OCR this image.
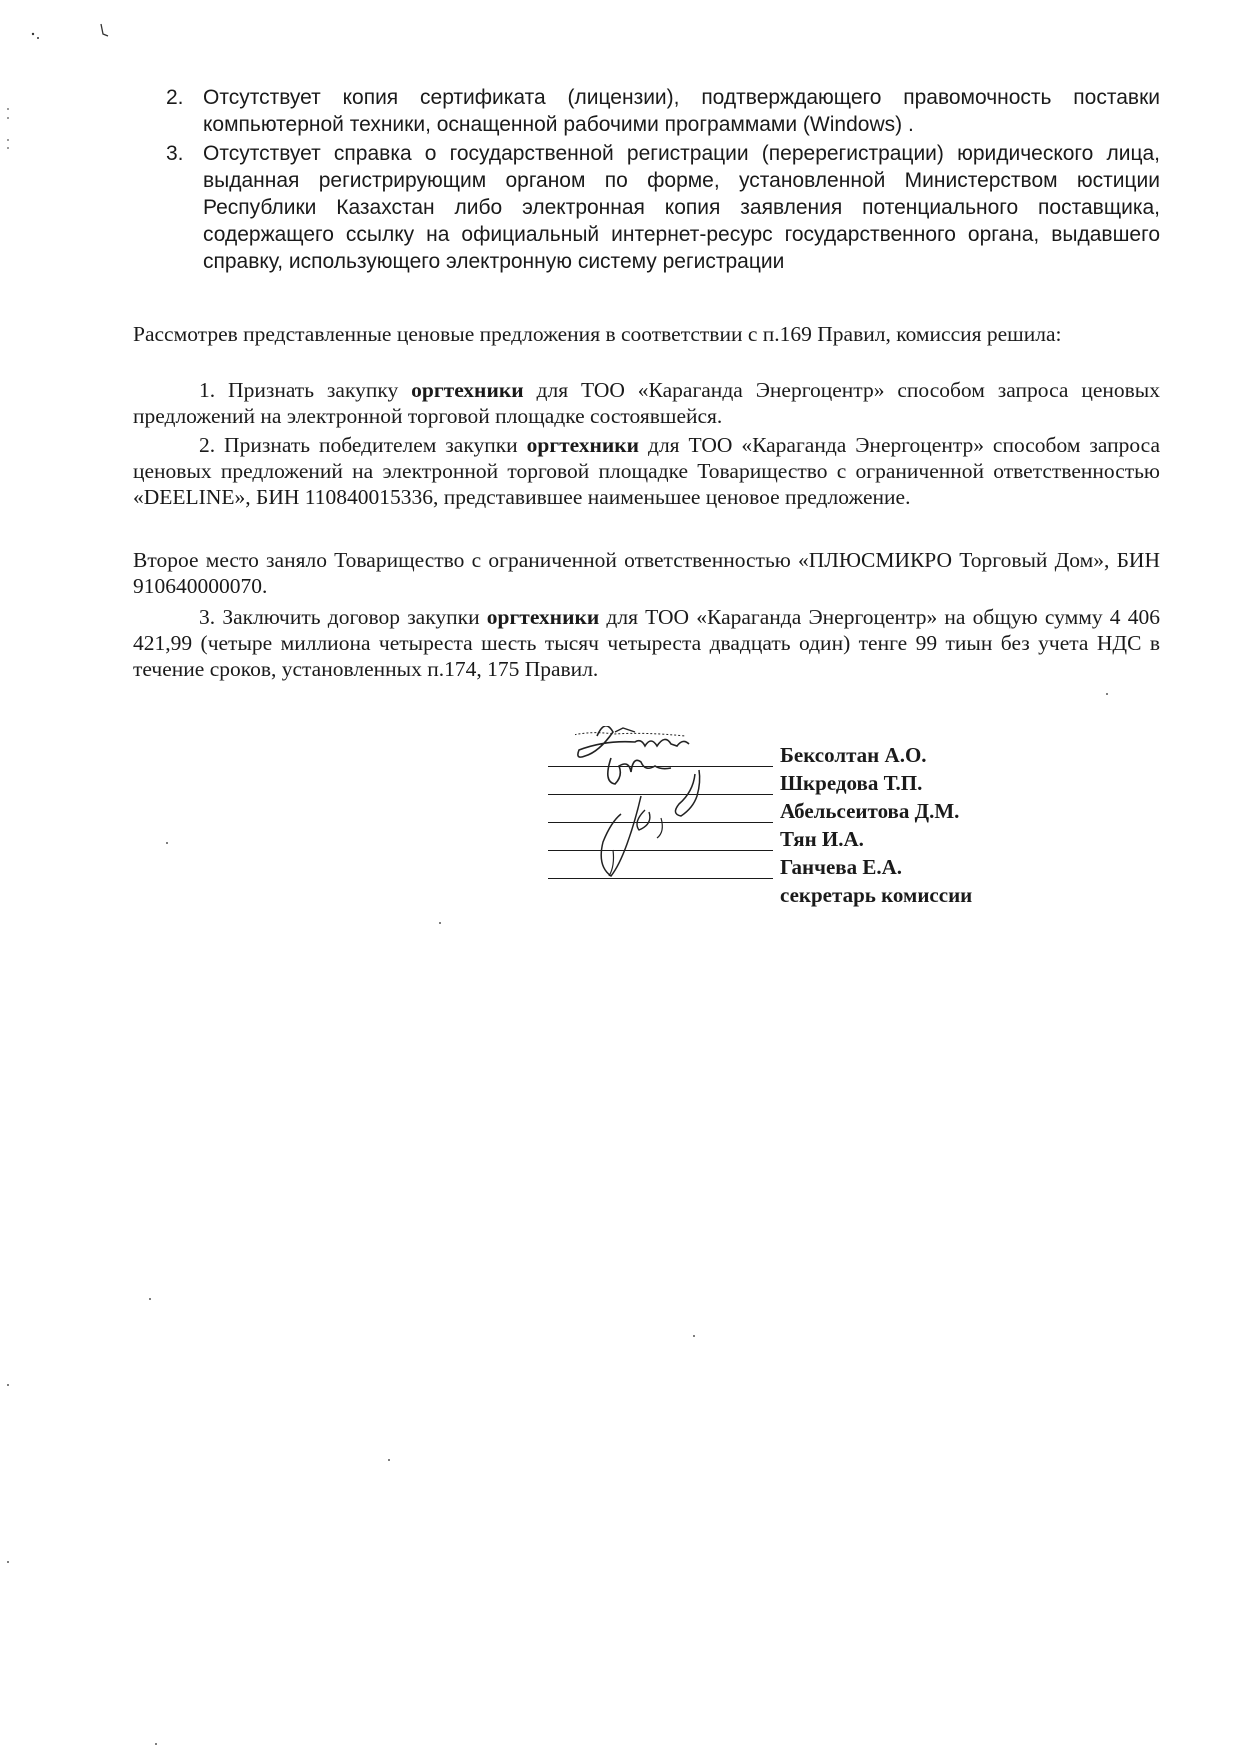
2. Отсутствует копия сертификата (лицензии), подтверждающего правомочность поставки компьютерной техники, оснащенной рабочими программами (Windows) .
3. Отсутствует справка о государственной регистрации (перерегистрации) юридического лица, выданная регистрирующим органом по форме, установленной Министерством юстиции Республики Казахстан либо электронная копия заявления потенциального поставщика, содержащего ссылку на официальный интернет-ресурс государственного органа, выдавшего справку, использующего электронную систему регистрации

Рассмотрев представленные ценовые предложения в соответствии с п.169 Правил, комиссия решила:

1. Признать закупку оргтехники для ТОО «Караганда Энергоцентр» способом запроса ценовых предложений на электронной торговой площадке состоявшейся.

2. Признать победителем закупки оргтехники для ТОО «Караганда Энергоцентр» способом запроса ценовых предложений на электронной торговой площадке Товарищество с ограниченной ответственностью «DEELINE», БИН 110840015336, представившее наименьшее ценовое предложение.

Второе место заняло Товарищество с ограниченной ответственностью «ПЛЮСМИКРО Торговый Дом», БИН 910640000070.

3. Заключить договор закупки оргтехники для ТОО «Караганда Энергоцентр» на общую сумму 4 406 421,99 (четыре миллиона четыреста шесть тысяч четыреста двадцать один) тенге 99 тиын без учета НДС в течение сроков, установленных п.174, 175 Правил.

Бексолтан А.О.
Шкредова Т.П.
Абельсеитова Д.М.
Тян И.А.
Ганчева Е.А.
секретарь комиссии
